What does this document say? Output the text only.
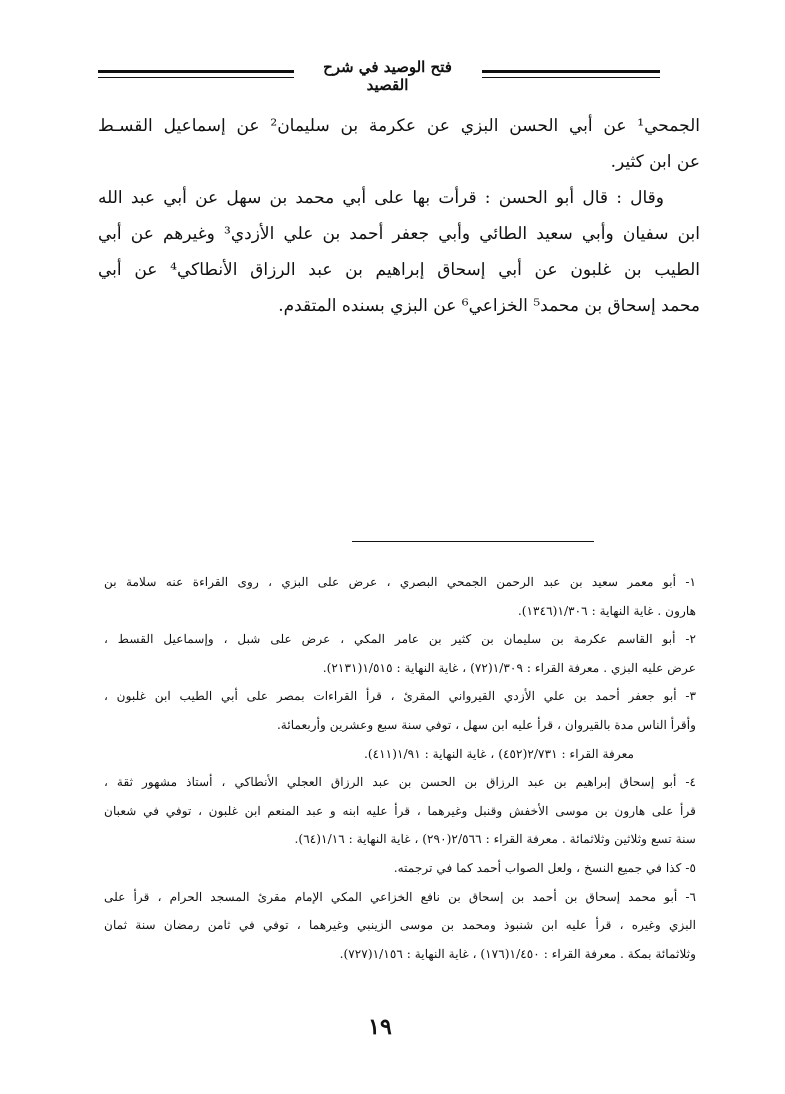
فتح الوصيد في شرح القصيد
الجمحي¹ عن أبي الحسن البزي عن عكرمة بن سليمان² عن إسماعيل القسـط
عن ابن كثير.
وقال : قال أبو الحسن : قرأت بها على أبي محمد بن سهل عن أبي عبد الله
ابن سفيان وأبي سعيد الطائي وأبي جعفر أحمد بن علي الأزدي³ وغيرهم عن أبي
الطيب بن غلبون عن أبي إسحاق إبراهيم بن عبد الرزاق الأنطاكي⁴ عن أبي
محمد إسحاق بن محمد⁵ الخزاعي⁶ عن البزي بسنده المتقدم.
١- أبو معمر سعيد بن عبد الرحمن الجمحي البصري ، عرض على البزي ، روى القراءة عنه سلامة بن
هارون . غاية النهاية : ١/٣٠٦(١٣٤٦).
٢- أبو القاسم عكرمة بن سليمان بن كثير بن عامر المكي ، عرض على شبل ، وإسماعيل القسط ،
عرض عليه البزي . معرفة القراء : ١/٣٠٩(٧٢) ، غاية النهاية : ١/٥١٥(٢١٣١).
٣- أبو جعفر أحمد بن علي الأزدي القيرواني المقرئ ، قرأ القراءات بمصر على أبي الطيب ابن غلبون ،
وأقرأ الناس مدة بالقيروان ، قرأ عليه ابن سهل ، توفي سنة سبع وعشرين وأربعمائة.
معرفة القراء : ٢/٧٣١(٤٥٢) ، غاية النهاية : ١/٩١(٤١١).
٤- أبو إسحاق إبراهيم بن عبد الرزاق بن الحسن بن عبد الرزاق العجلي الأنطاكي ، أستاذ مشهور ثقة ،
قرأ على هارون بن موسى الأخفش وقنبل وغيرهما ، قرأ عليه ابنه و عبد المنعم ابن غلبون ، توفي في شعبان
سنة تسع وثلاثين وثلاثمائة . معرفة القراء : ٢/٥٦٦(٢٩٠) ، غاية النهاية : ١/١٦(٦٤).
٥- كذا في جميع النسخ ، ولعل الصواب أحمد كما في ترجمته.
٦- أبو محمد إسحاق بن أحمد بن إسحاق بن نافع الخزاعي المكي الإمام مقرئ المسجد الحرام ، قرأ على
البزي وغيره ، قرأ عليه ابن شنبوذ ومحمد بن موسى الزينبي وغيرهما ، توفي في ثامن رمضان سنة ثمان
وثلاثمائة بمكة . معرفة القراء : ١/٤٥٠(١٧٦) ، غاية النهاية : ١/١٥٦(٧٢٧).
١٩
